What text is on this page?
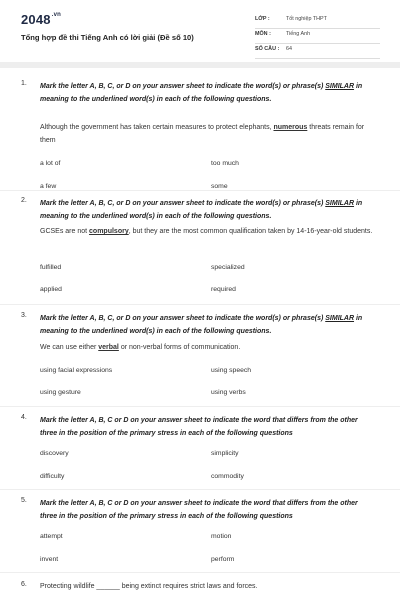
$2048^{.vn}$
Tổng hợp đề thi Tiếng Anh có lời giải (Đề số 10)
LỚP :	Tốt nghiệp THPT
MÔN :	Tiếng Anh
SỐ CÂU : 64
1. Mark the letter A, B, C, or D on your answer sheet to indicate the word(s) or phrase(s) SIMILAR in meaning to the underlined word(s) in each of the following questions.
Although the government has taken certain measures to protect elephants, numerous threats remain for them
a lot of	too much
a few	some
2. Mark the letter A, B, C, or D on your answer sheet to indicate the word(s) or phrase(s) SIMILAR in meaning to the underlined word(s) in each of the following questions.
GCSEs are not compulsory, but they are the most common qualification taken by 14-16-year-old students.
fulfilled	specialized
applied	required
3. Mark the letter A, B, C, or D on your answer sheet to indicate the word(s) or phrase(s) SIMILAR in meaning to the underlined word(s) in each of the following questions.
We can use either verbal or non-verbal forms of communication.
using facial expressions	using speech
using gesture	using verbs
4. Mark the letter A, B, C or D on your answer sheet to indicate the word that differs from the other three in the position of the primary stress in each of the following questions
discovery	simplicity
difficulty	commodity
5. Mark the letter A, B, C or D on your answer sheet to indicate the word that differs from the other three in the position of the primary stress in each of the following questions
attempt	motion
invent	perform
6. Protecting wildlife ______ being extinct requires strict laws and forces.
